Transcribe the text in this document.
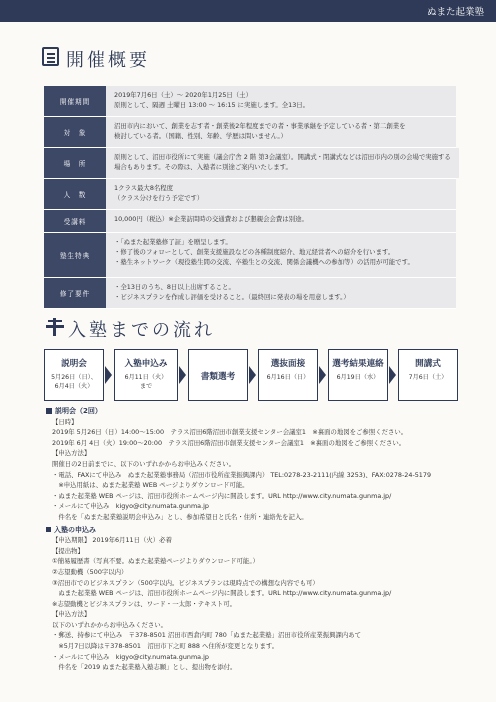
ぬまた起業塾
開催概要
開催期間
2019年7月6日（土）〜 2020年1月25日（土）
原則として、隔週 土曜日 13:00 〜 16:15 に実施します。全13日。
対　象
沼田市内において、創業を志す者・創業後2年程度までの者・事業承継を予定している者・第二創業を
検討している者。（国籍、性別、年齢、学歴は問いません。）
場　所
原則として、沼田市役所にて実施（議会庁舎 2 階 第3会議室）。開講式・閉講式などは沼田市内の別の会場で実施する
場合もあります。その際は、入塾者に別途ご案内いたします。
人　数
1クラス最大8名程度
（クラス分けを行う予定です）
受講料	10,000円（税込）※企業訪問時の交通費および懇親会会費は別途。
塾生特典
・「ぬまた起業塾修了証」を贈呈します。
・修了後のフォローとして、創業支援施設などの各種制度紹介、地元経営者への紹介を行います。
・塾生ネットワーク（現役塾生間の交流、卒塾生との交流、関係会議機への参加等）の活用が可能です。
修了要件
・全13日のうち、8日以上出席すること。
・ビジネスプランを作成し評価を受けること。（最終回に発表の場を用意します。）
入塾までの流れ
説明会
5月26日（日）、
6月4日（火）
入塾申込み
6月11日（火）
まで
書類選考
選抜面接
6月16日（日）
選考結果連絡
6月19日（水）
開講式
7月6日（土）
説明会（2回）
【日時】
2019年 5月26日（日）14:00〜15:00　テラス沼田6階沼田市創業支援センター会議室1　※裏面の地図をご参照ください。
2019年 6月 4日（火）19:00〜20:00　テラス沼田6階沼田市創業支援センター会議室1　※裏面の地図をご参照ください。
【申込方法】
開催日の2日前までに、以下のいずれかからお申込みください。
・電話、FAXにて申込み　ぬまた起業塾事務局（沼田市役所産業振興課内） TEL:0278-23-2111(内線 3253)、FAX:0278-24-5179
　※申込用紙は、ぬまた起業塾 WEB ページよりダウンロード可能。
・ぬまた起業塾 WEB ページは、沼田市役所ホームページ内に開設します。URL http://www.city.numata.gunma.jp/
・メールにて申込み　kigyo@city.numata.gunma.jp
　件名を「ぬまた起業塾説明会申込み」とし、参加希望日と氏名・住所・連絡先を記入。
入塾の申込み
【申込期限】 2019年6月11日（火）必着
【提出物】
①簡易履歴書（写真不要。ぬまた起業塾ページよりダウンロード可能。）
②志望動機（500字以内）
③沼田市でのビジネスプラン（500字以内。ビジネスプランは現時点での構想な内容でも可）
　ぬまた起業塾 WEB ページは、沼田市役所ホームページ内に開設します。URL http://www.city.numata.gunma.jp/
※志望動機とビジネスプランは、ワード・一太郎・テキスト可。
【申込方法】
以下のいずれかからお申込みください。
・郵送、持参にて申込み　〒378-8501 沼田市西倉内町 780「ぬまた起業塾」沼田市役所産業振興課内あて
　※5月7日以降は〒378-8501　沼田市下之町 888 へ住所が変更となります。
・メールにて申込み　kigyo@city.numata.gunma.jp
　件名を「2019 ぬまた起業塾入塾志願」とし、提出物を添付。
